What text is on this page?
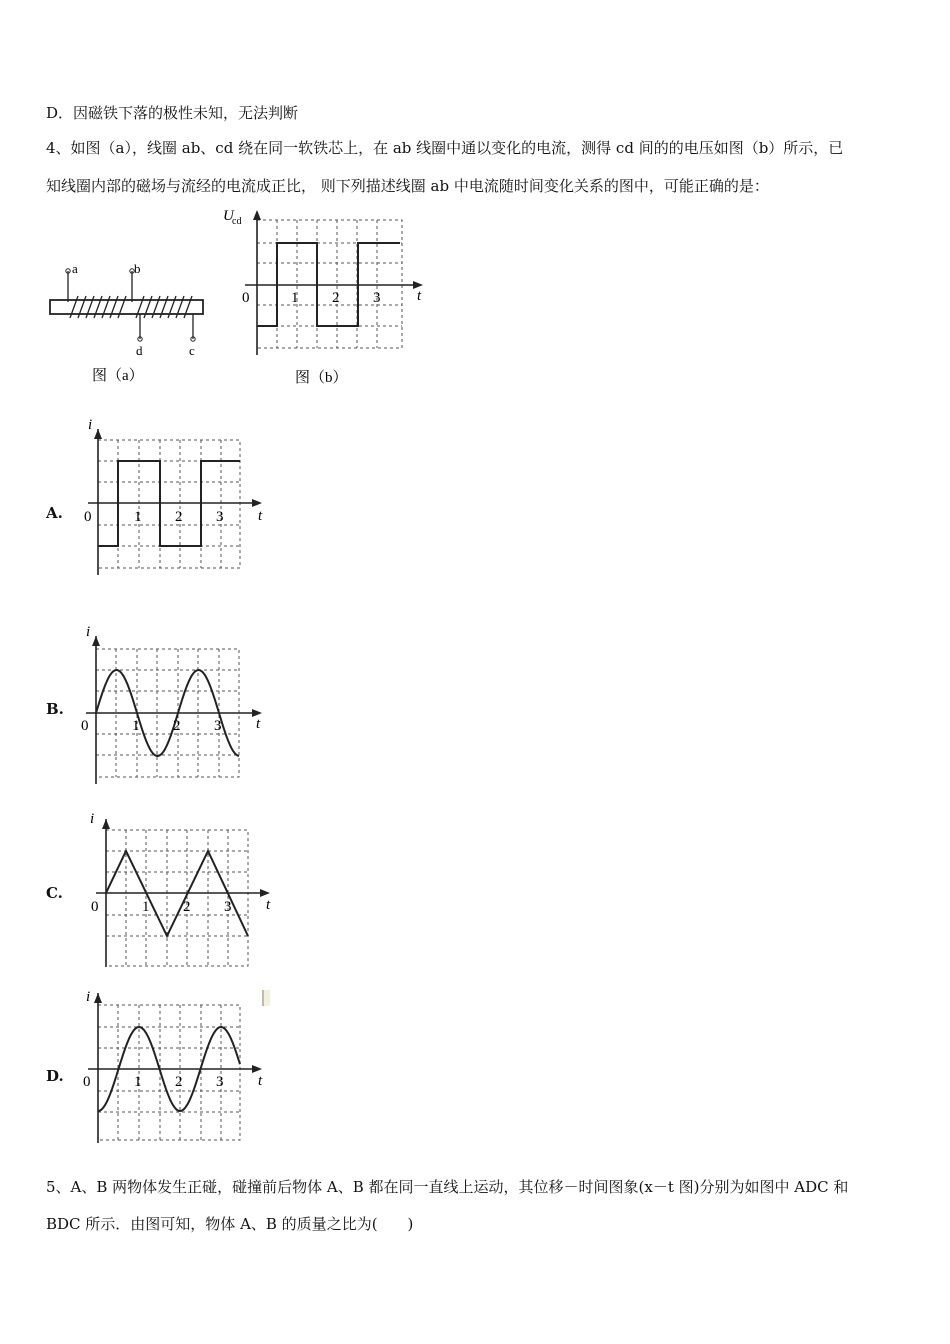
D．因磁铁下落的极性未知，无法判断
4、如图（a），线圈 ab、cd 绕在同一软铁芯上，在 ab 线圈中通以变化的电流，测得 cd 间的的电压如图（b）所示，已
知线圈内部的磁场与流经的电流成正比， 则下列描述线圈 ab 中电流随时间变化关系的图中，可能正确的是：
a	b
d	c
图（a）
U
cd
t
0	1 2 3
图（b）
A.
i
t
0	1 2 3
B.
i
t
0	1 2 3
C.
i
t
0	1 2 3
D.
i
t
0	1 2 3
5、A、B 两物体发生正碰，碰撞前后物体 A、B 都在同一直线上运动，其位移－时间图象(x－t 图)分别为如图中 ADC 和
BDC 所示．由图可知，物体 A、B 的质量之比为(　　)
